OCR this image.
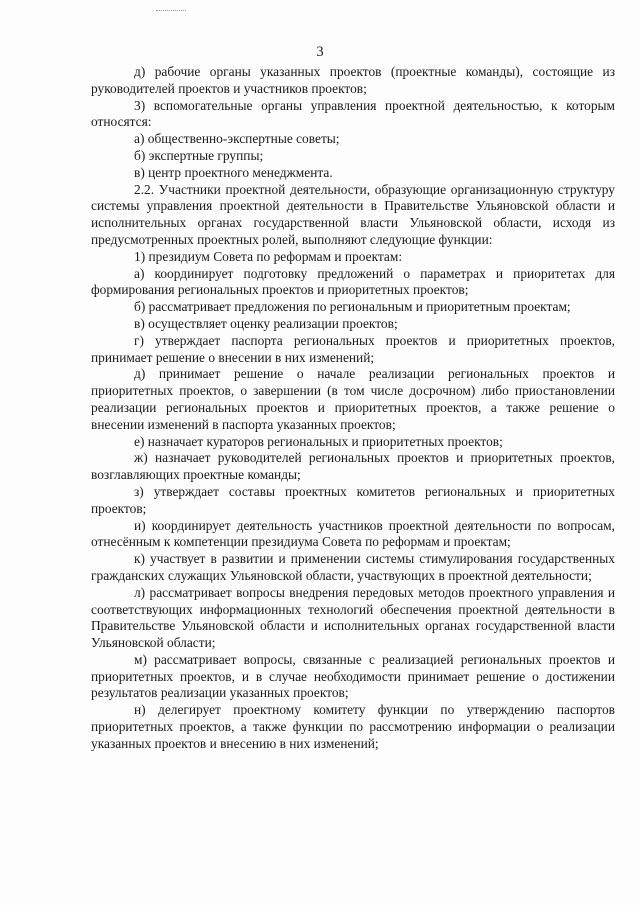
3

д) рабочие органы указанных проектов (проектные команды), состоящие из руководителей проектов и участников проектов;

3) вспомогательные органы управления проектной деятельностью, к которым относятся:

а) общественно-экспертные советы;

б) экспертные группы;

в) центр проектного менеджмента.

2.2. Участники проектной деятельности, образующие организационную структуру системы управления проектной деятельности в Правительстве Ульяновской области и исполнительных органах государственной власти Ульяновской области, исходя из предусмотренных проектных ролей, выполняют следующие функции:

1) президиум Совета по реформам и проектам:

а) координирует подготовку предложений о параметрах и приоритетах для формирования региональных проектов и приоритетных проектов;

б) рассматривает предложения по региональным и приоритетным проектам;

в) осуществляет оценку реализации проектов;

г) утверждает паспорта региональных проектов и приоритетных проектов, принимает решение о внесении в них изменений;

д) принимает решение о начале реализации региональных проектов и приоритетных проектов, о завершении (в том числе досрочном) либо приостановлении реализации региональных проектов и приоритетных проектов, а также решение о внесении изменений в паспорта указанных проектов;

е) назначает кураторов региональных и приоритетных проектов;

ж) назначает руководителей региональных проектов и приоритетных проектов, возглавляющих проектные команды;

з) утверждает составы проектных комитетов региональных и приоритетных проектов;

и) координирует деятельность участников проектной деятельности по вопросам, отнесённым к компетенции президиума Совета по реформам и проектам;

к) участвует в развитии и применении системы стимулирования государственных гражданских служащих Ульяновской области, участвующих в проектной деятельности;

л) рассматривает вопросы внедрения передовых методов проектного управления и соответствующих информационных технологий обеспечения проектной деятельности в Правительстве Ульяновской области и исполнительных органах государственной власти Ульяновской области;

м) рассматривает вопросы, связанные с реализацией региональных проектов и приоритетных проектов, и в случае необходимости принимает решение о достижении результатов реализации указанных проектов;

н) делегирует проектному комитету функции по утверждению паспортов приоритетных проектов, а также функции по рассмотрению информации о реализации указанных проектов и внесению в них изменений;
